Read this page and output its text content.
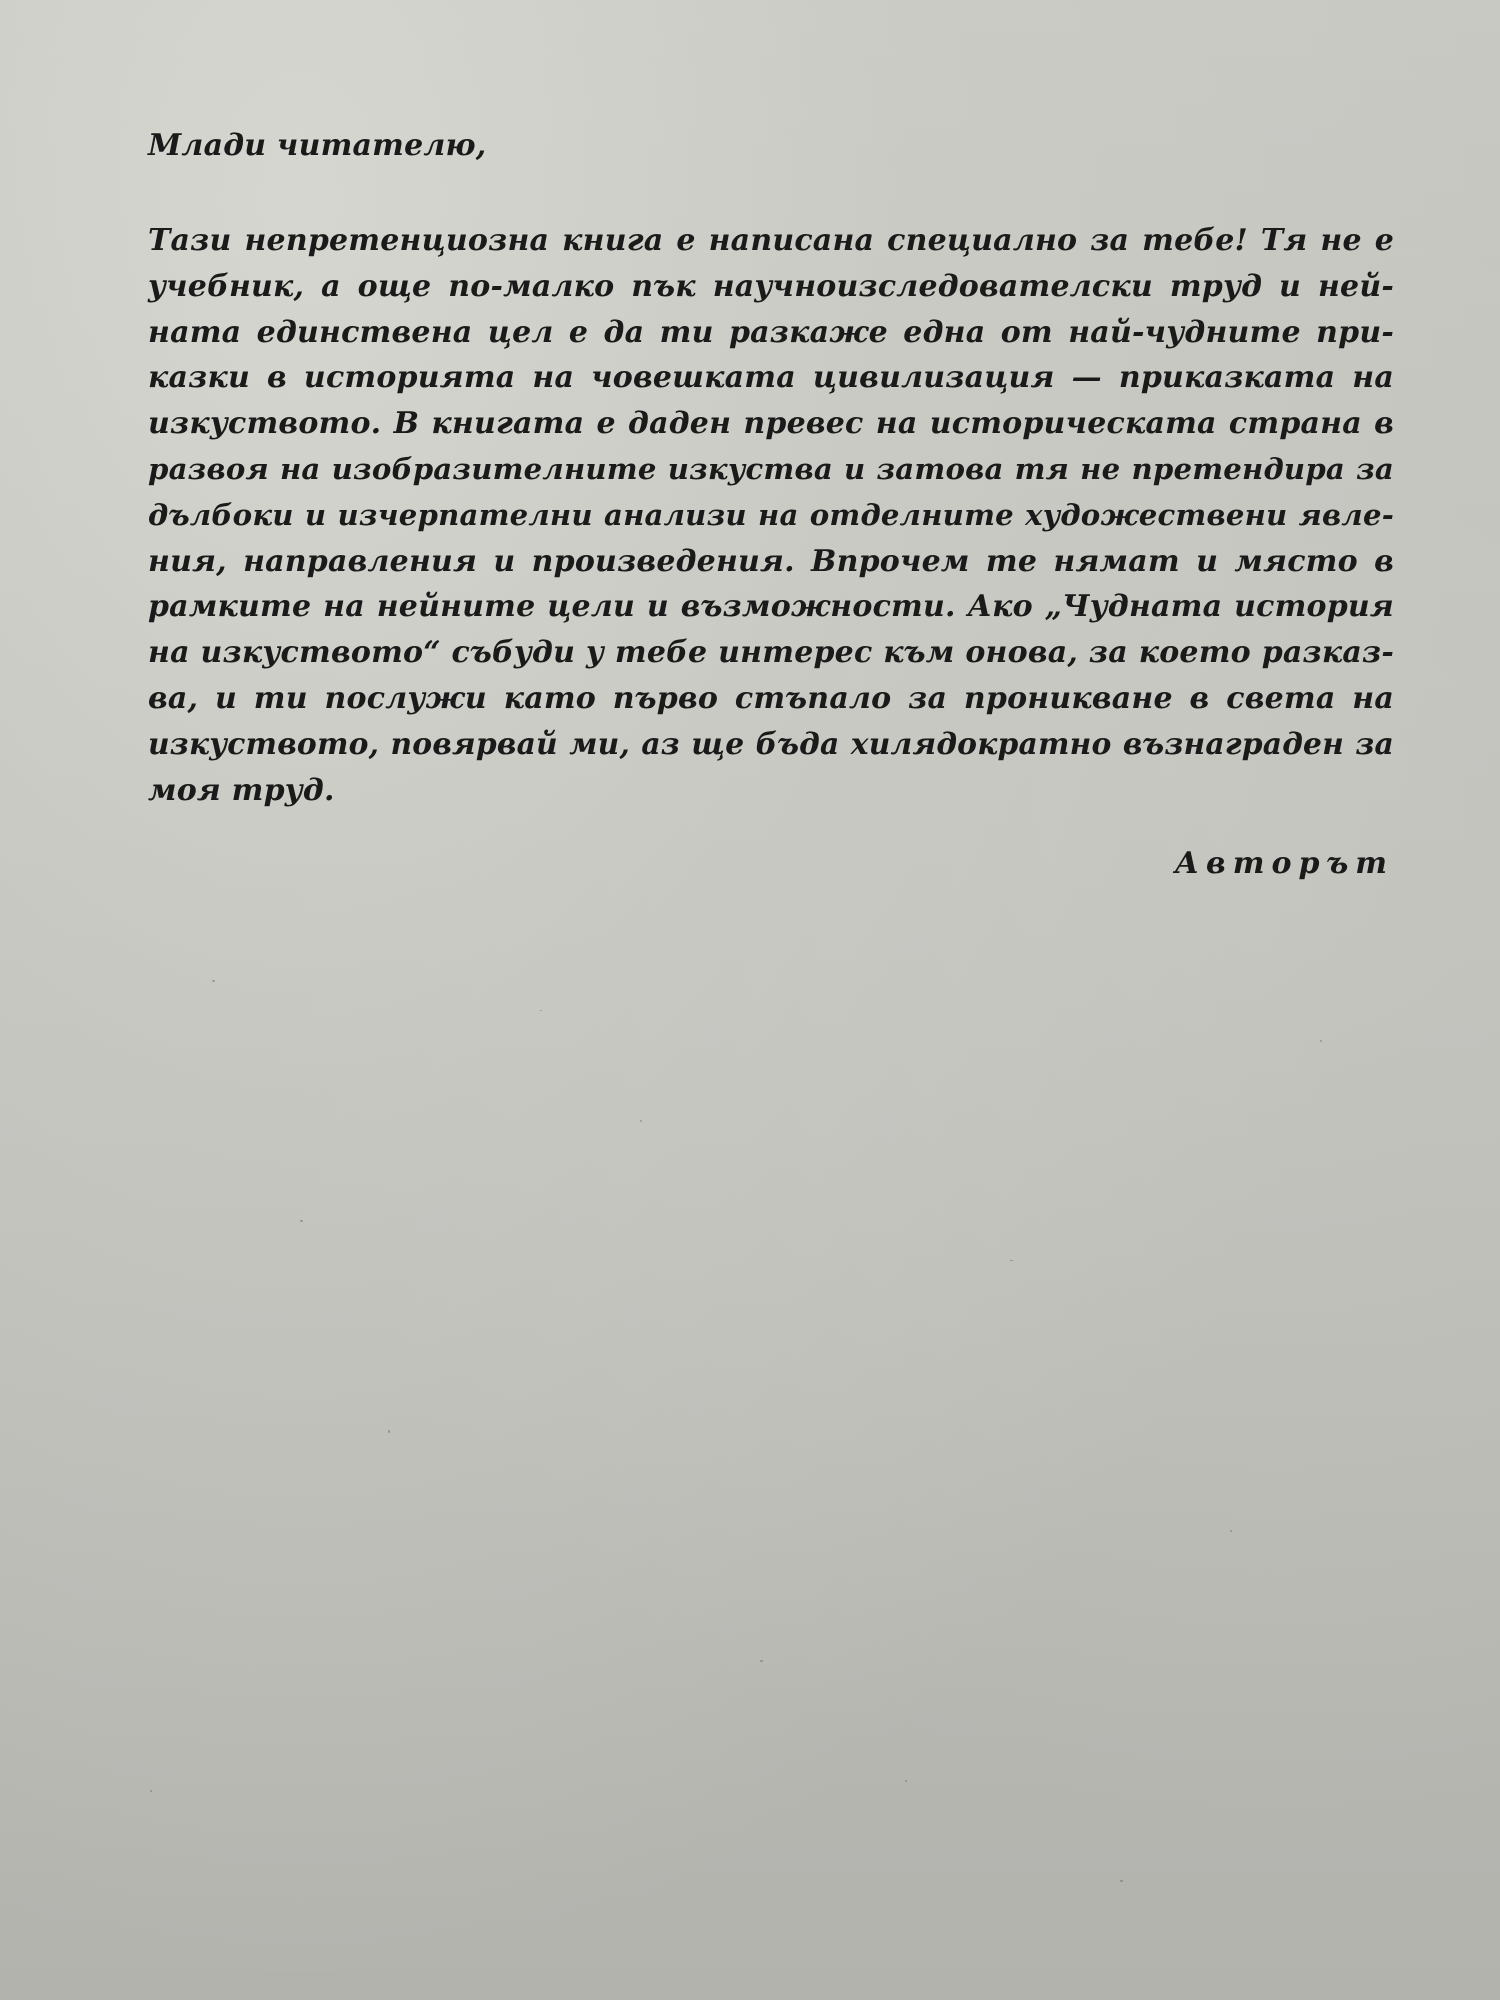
Млади читателю,

Тази непретенциозна книга е написана специално за тебе! Тя не е
учебник, а още по-малко пък научноизследователски труд и ней-
ната единствена цел е да ти разкаже една от най-чудните при-
казки в историята на човешката цивилизация — приказката на
изкуството. В книгата е даден превес на историческата страна в
развоя на изобразителните изкуства и затова тя не претендира за
дълбоки и изчерпателни анализи на отделните художествени явле-
ния, направления и произведения. Впрочем те нямат и място в
рамките на нейните цели и възможности. Ако „Чудната история
на изкуството“ събуди у тебе интерес към онова, за което разказ-
ва, и ти послужи като първо стъпало за проникване в света на
изкуството, повярвай ми, аз ще бъда хилядократно възнаграден за
моя труд.
Авторът
